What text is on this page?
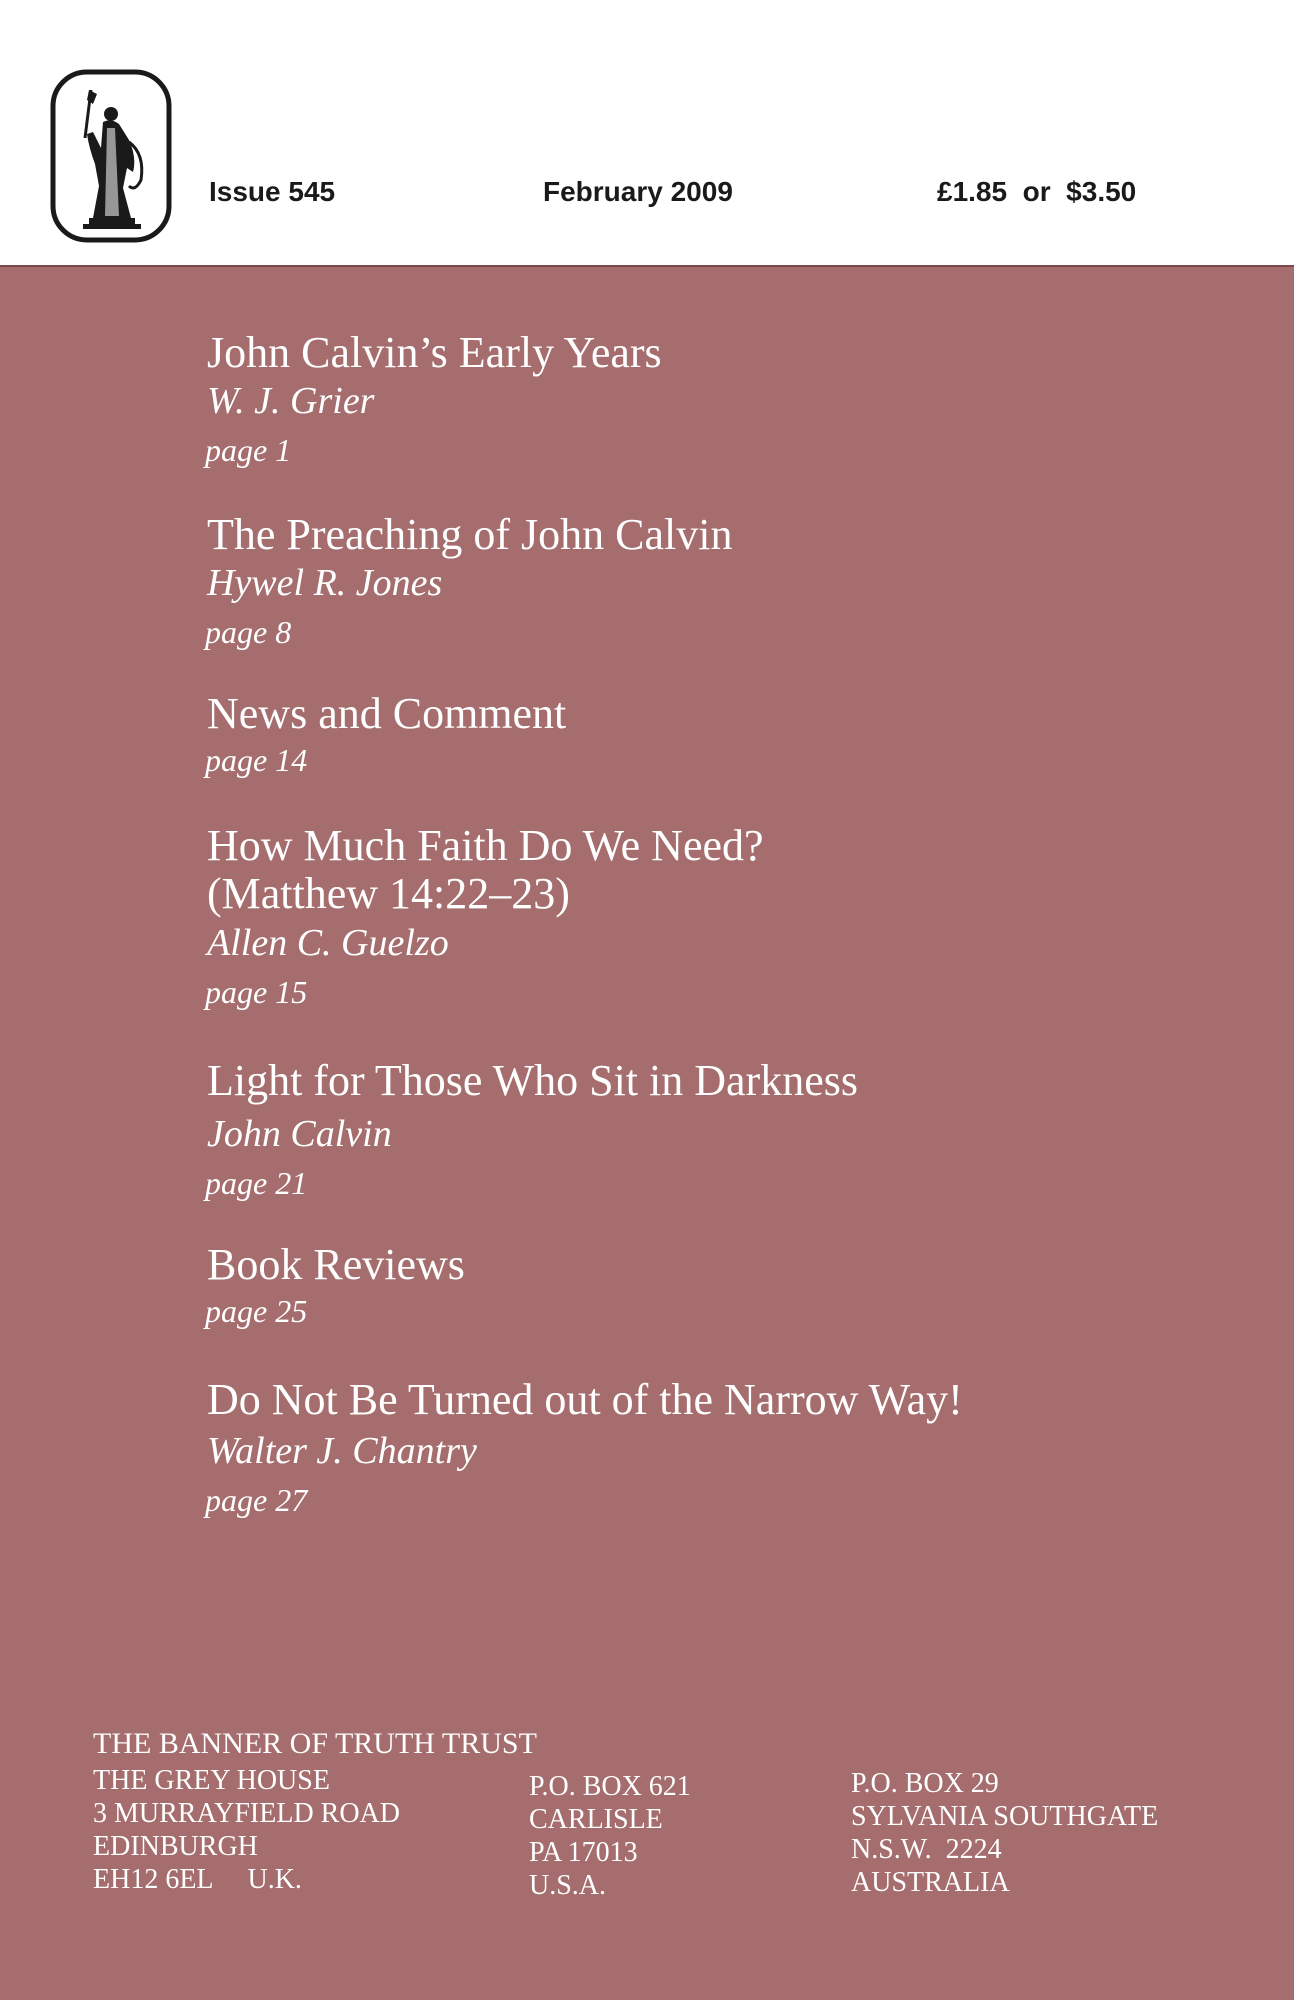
Issue 545	February 2009	£1.85  or  $3.50
John Calvin’s Early Years
W. J. Grier
page 1
The Preaching of John Calvin
Hywel R. Jones
page 8
News and Comment
page 14
How Much Faith Do We Need?
(Matthew 14:22–23)
Allen C. Guelzo
page 15
Light for Those Who Sit in Darkness
John Calvin
page 21
Book Reviews
page 25
Do Not Be Turned out of the Narrow Way!
Walter J. Chantry
page 27
THE BANNER OF TRUTH TRUST
THE GREY HOUSE
3 MURRAYFIELD ROAD
EDINBURGH
EH12 6EL     U.K.
P.O. BOX 621
CARLISLE
PA 17013
U.S.A.
P.O. BOX 29
SYLVANIA SOUTHGATE
N.S.W.  2224
AUSTRALIA
